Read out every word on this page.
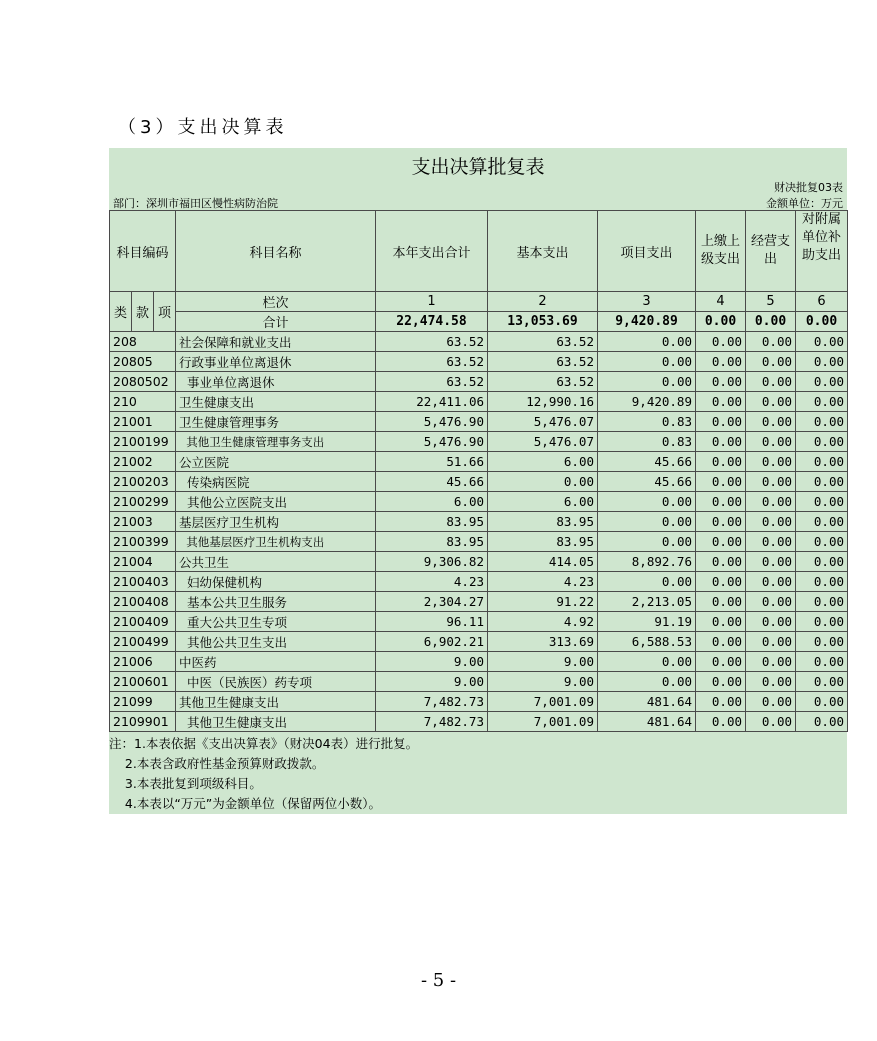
（3）支出决算表
支出决算批复表
财决批复03表
部门：深圳市福田区慢性病防治院	金额单位：万元
科目编码			科目名称	本年支出合计	基本支出	项目支出	上缴上级支出	经营支出	对附属单位补助支出
类	款	项	栏次	1	2	3	4	5	6
			合计	22,474.58	13,053.69	9,420.89	0.00	0.00	0.00
208			社会保障和就业支出	63.52	63.52	0.00	0.00	0.00	0.00
20805			行政事业单位离退休	63.52	63.52	0.00	0.00	0.00	0.00
2080502			事业单位离退休	63.52	63.52	0.00	0.00	0.00	0.00
210			卫生健康支出	22,411.06	12,990.16	9,420.89	0.00	0.00	0.00
21001			卫生健康管理事务	5,476.90	5,476.07	0.83	0.00	0.00	0.00
2100199			其他卫生健康管理事务支出	5,476.90	5,476.07	0.83	0.00	0.00	0.00
21002			公立医院	51.66	6.00	45.66	0.00	0.00	0.00
2100203			传染病医院	45.66	0.00	45.66	0.00	0.00	0.00
2100299			其他公立医院支出	6.00	6.00	0.00	0.00	0.00	0.00
21003			基层医疗卫生机构	83.95	83.95	0.00	0.00	0.00	0.00
2100399			其他基层医疗卫生机构支出	83.95	83.95	0.00	0.00	0.00	0.00
21004			公共卫生	9,306.82	414.05	8,892.76	0.00	0.00	0.00
2100403			妇幼保健机构	4.23	4.23	0.00	0.00	0.00	0.00
2100408			基本公共卫生服务	2,304.27	91.22	2,213.05	0.00	0.00	0.00
2100409			重大公共卫生专项	96.11	4.92	91.19	0.00	0.00	0.00
2100499			其他公共卫生支出	6,902.21	313.69	6,588.53	0.00	0.00	0.00
21006			中医药	9.00	9.00	0.00	0.00	0.00	0.00
2100601			中医（民族医）药专项	9.00	9.00	0.00	0.00	0.00	0.00
21099			其他卫生健康支出	7,482.73	7,001.09	481.64	0.00	0.00	0.00
2109901			其他卫生健康支出	7,482.73	7,001.09	481.64	0.00	0.00	0.00
注：1.本表依据《支出决算表》（财决04表）进行批复。
2.本表含政府性基金预算财政拨款。
3.本表批复到项级科目。
4.本表以“万元”为金额单位（保留两位小数）。
- 5 -
